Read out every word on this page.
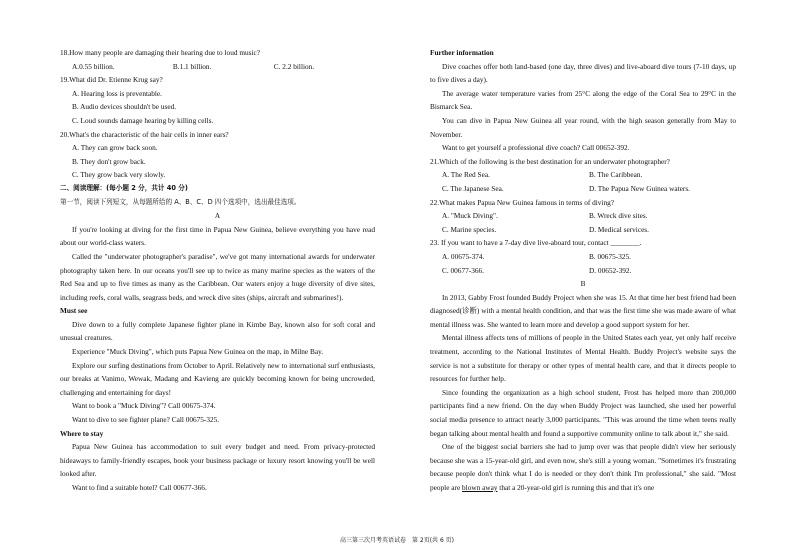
18.How many people are damaging their hearing due to loud music?

A.0.55 billion.	B.1.1 billion.	C. 2.2 billion.

19.What did Dr. Etienne Krug say?

A. Hearing loss is preventable.

B. Audio devices shouldn't be used.

C. Loud sounds damage hearing by killing cells.

20.What's the characteristic of the hair cells in inner ears?

A. They can grow back soon.

B. They don't grow back.

C. They grow back very slowly.

二、阅读理解：(每小题 2 分，共计 40 分)

第一节，阅读下列短文，从每题所给的 A、B、C、D 四个选项中，选出最佳选项。

A

If you're looking at diving for the first time in Papua New Guinea, believe everything you have read about our world-class waters.

Called the "underwater photographer's paradise", we've got many international awards for underwater photography taken here. In our oceans you'll see up to twice as many marine species as the waters of the Red Sea and up to five times as many as the Caribbean. Our waters enjoy a huge diversity of dive sites, including reefs, coral walls, seagrass beds, and wreck dive sites (ships, aircraft and submarines!).

Must see

Dive down to a fully complete Japanese fighter plane in Kimbe Bay, known also for soft coral and unusual creatures.

Experience "Muck Diving", which puts Papua New Guinea on the map, in Milne Bay.

Explore our surfing destinations from October to April. Relatively new to international surf enthusiasts, our breaks at Vanimo, Wewak, Madang and Kavieng are quickly becoming known for being uncrowded, challenging and entertaining for days!

Want to book a "Muck Diving"? Call 00675-374.

Want to dive to see fighter plane? Call 00675-325.

Where to stay

Papua New Guinea has accommodation to suit every budget and need. From privacy-protected hideaways to family-friendly escapes, book your business package or luxury resort knowing you'll be well looked after.

Want to find a suitable hotel? Call 00677-366.

Further information

Dive coaches offer both land-based (one day, three dives) and live-aboard dive tours (7-10 days, up to five dives a day).

The average water temperature varies from 25°C along the edge of the Coral Sea to 29°C in the Bismarck Sea.

You can dive in Papua New Guinea all year round, with the high season generally from May to November.

Want to get yourself a professional dive coach? Call 00652-392.

21.Which of the following is the best destination for an underwater photographer?

A. The Red Sea.	B. The Caribbean.
C. The Japanese Sea.	D. The Papua New Guinea waters.

22.What makes Papua New Guinea famous in terms of diving?

A. "Muck Diving".	B. Wreck dive sites.
C. Marine species.	D. Medical services.

23. If you want to have a 7-day dive live-aboard tour, contact ________.

A. 00675-374.	B. 00675-325.
C. 00677-366.	D. 00652-392.

B

In 2013, Gabby Frost founded Buddy Project when she was 15. At that time her best friend had been diagnosed(诊断) with a mental health condition, and that was the first time she was made aware of what mental illness was. She wanted to learn more and develop a good support system for her.

Mental illness affects tens of millions of people in the United States each year, yet only half receive treatment, according to the National Institutes of Mental Health. Buddy Project's website says the service is not a substitute for therapy or other types of mental health care, and that it directs people to resources for further help.

Since founding the organization as a high school student, Frost has helped more than 200,000 participants find a new friend. On the day when Buddy Project was launched, she used her powerful social media presence to attract nearly 3,000 participants. "This was around the time when teens really began talking about mental health and found a supportive community online to talk about it," she said.

One of the biggest social barriers she had to jump over was that people didn't view her seriously because she was a 15-year-old girl, and even now, she's still a young woman. "Sometimes it's frustrating because people don't think what I do is needed or they don't think I'm professional," she said. "Most people are blown away that a 20-year-old girl is running this and that it's one

高三第三次月考英语试卷　第 2页(共 6 页)
